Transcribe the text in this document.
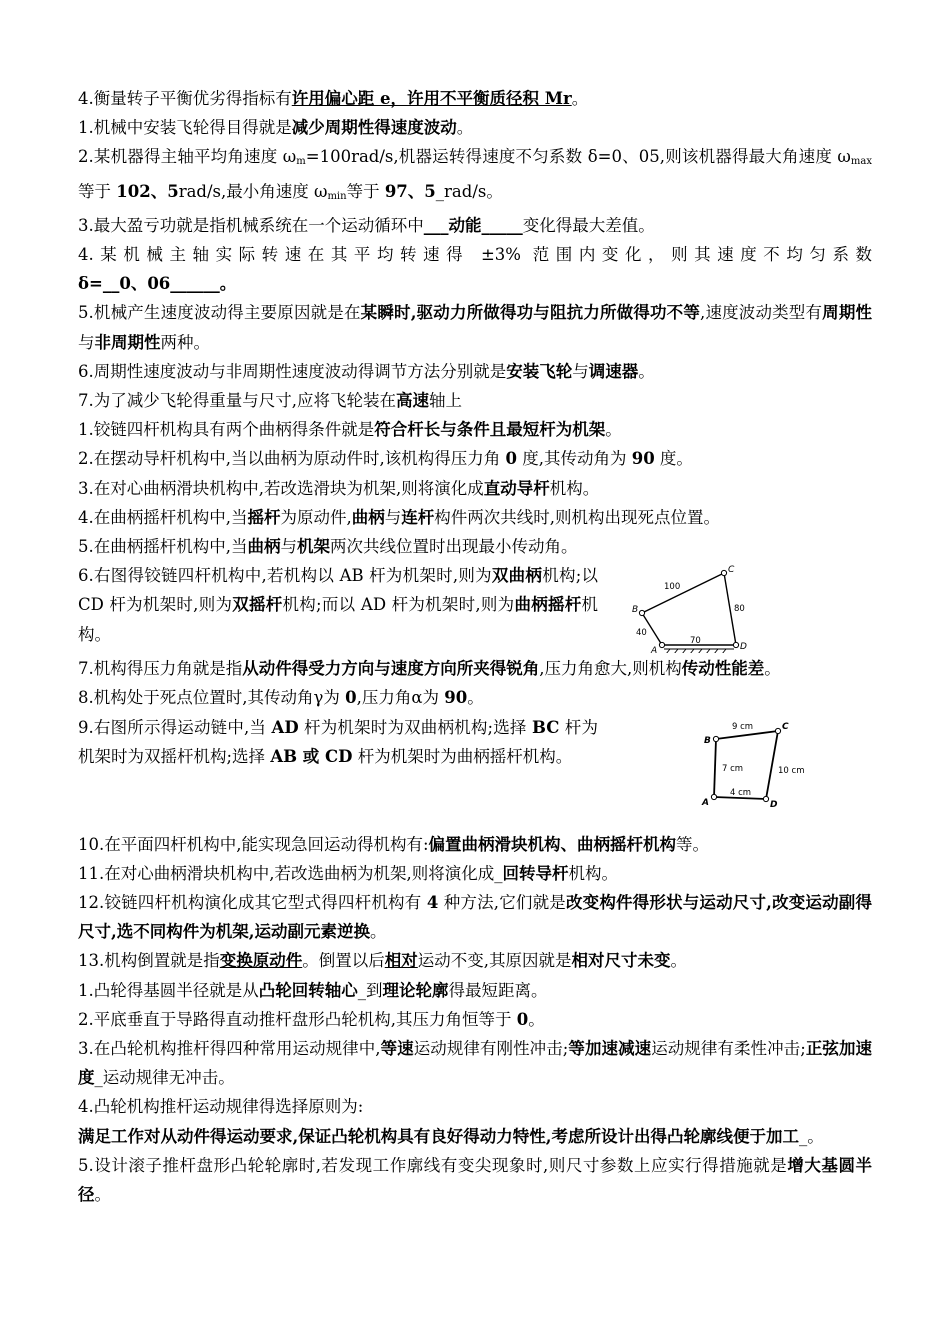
4.衡量转子平衡优劣得指标有许用偏心距 e，许用不平衡质径积 Mr。

1.机械中安装飞轮得目得就是减少周期性得速度波动。

2.某机器得主轴平均角速度 $\omega_m=100rad/s$,机器运转得速度不匀系数 δ=0、05,则该机器得最大角速度 $\omega_{max}$等于 102、5rad/s,最小角速度 $\omega_{min}$等于 97、5_rad/s。

3.最大盈亏功就是指机械系统在一个运动循环中___动能_____变化得最大差值。

4.某机械主轴实际转速在其平均转速得 ±3% 范围内变化，则其速度不均匀系数

δ=__0、06______。

5.机械产生速度波动得主要原因就是在某瞬时,驱动力所做得功与阻抗力所做得功不等,速度波动类型有周期性与非周期性两种。

6.周期性速度波动与非周期性速度波动得调节方法分别就是安装飞轮与调速器。

7.为了减少飞轮得重量与尺寸,应将飞轮装在高速轴上

1.铰链四杆机构具有两个曲柄得条件就是符合杆长与条件且最短杆为机架。

2.在摆动导杆机构中,当以曲柄为原动件时,该机构得压力角 0 度,其传动角为 90 度。

3.在对心曲柄滑块机构中,若改选滑块为机架,则将演化成直动导杆机构。

4.在曲柄摇杆机构中,当摇杆为原动件,曲柄与连杆构件两次共线时,则机构出现死点位置。

5.在曲柄摇杆机构中,当曲柄与机架两次共线位置时出现最小传动角。

6.右图得铰链四杆机构中,若机构以 AB 杆为机架时,则为双曲柄机构;以 CD 杆为机架时,则为双摇杆机构;而以 AD 杆为机架时,则为曲柄摇杆机构。

A
B
C
D
40
100
80
70

7.机构得压力角就是指从动件得受力方向与速度方向所夹得锐角,压力角愈大,则机构传动性能差。

8.机构处于死点位置时,其传动角γ为 0,压力角α为 90。

9.右图所示得运动链中,当 AD 杆为机架时为双曲柄机构;选择 BC 杆为机架时为双摇杆机构;选择 AB 或 CD 杆为机架时为曲柄摇杆机构。

A
B
C
D
9 cm
7 cm	10 cm
4 cm

10.在平面四杆机构中,能实现急回运动得机构有:偏置曲柄滑块机构、曲柄摇杆机构等。

11.在对心曲柄滑块机构中,若改选曲柄为机架,则将演化成_回转导杆机构。

12.铰链四杆机构演化成其它型式得四杆机构有 4 种方法,它们就是改变构件得形状与运动尺寸,改变运动副得尺寸,选不同构件为机架,运动副元素逆换。

13.机构倒置就是指变换原动件。倒置以后相对运动不变,其原因就是相对尺寸未变。

1.凸轮得基圆半径就是从凸轮回转轴心_到理论轮廓得最短距离。

2.平底垂直于导路得直动推杆盘形凸轮机构,其压力角恒等于 0。

3.在凸轮机构推杆得四种常用运动规律中,等速运动规律有刚性冲击;等加速减速运动规律有柔性冲击;正弦加速度_运动规律无冲击。

4.凸轮机构推杆运动规律得选择原则为:

满足工作对从动件得运动要求,保证凸轮机构具有良好得动力特性,考虑所设计出得凸轮廓线便于加工_。

5.设计滚子推杆盘形凸轮轮廓时,若发现工作廓线有变尖现象时,则尺寸参数上应实行得措施就是增大基圆半径。
